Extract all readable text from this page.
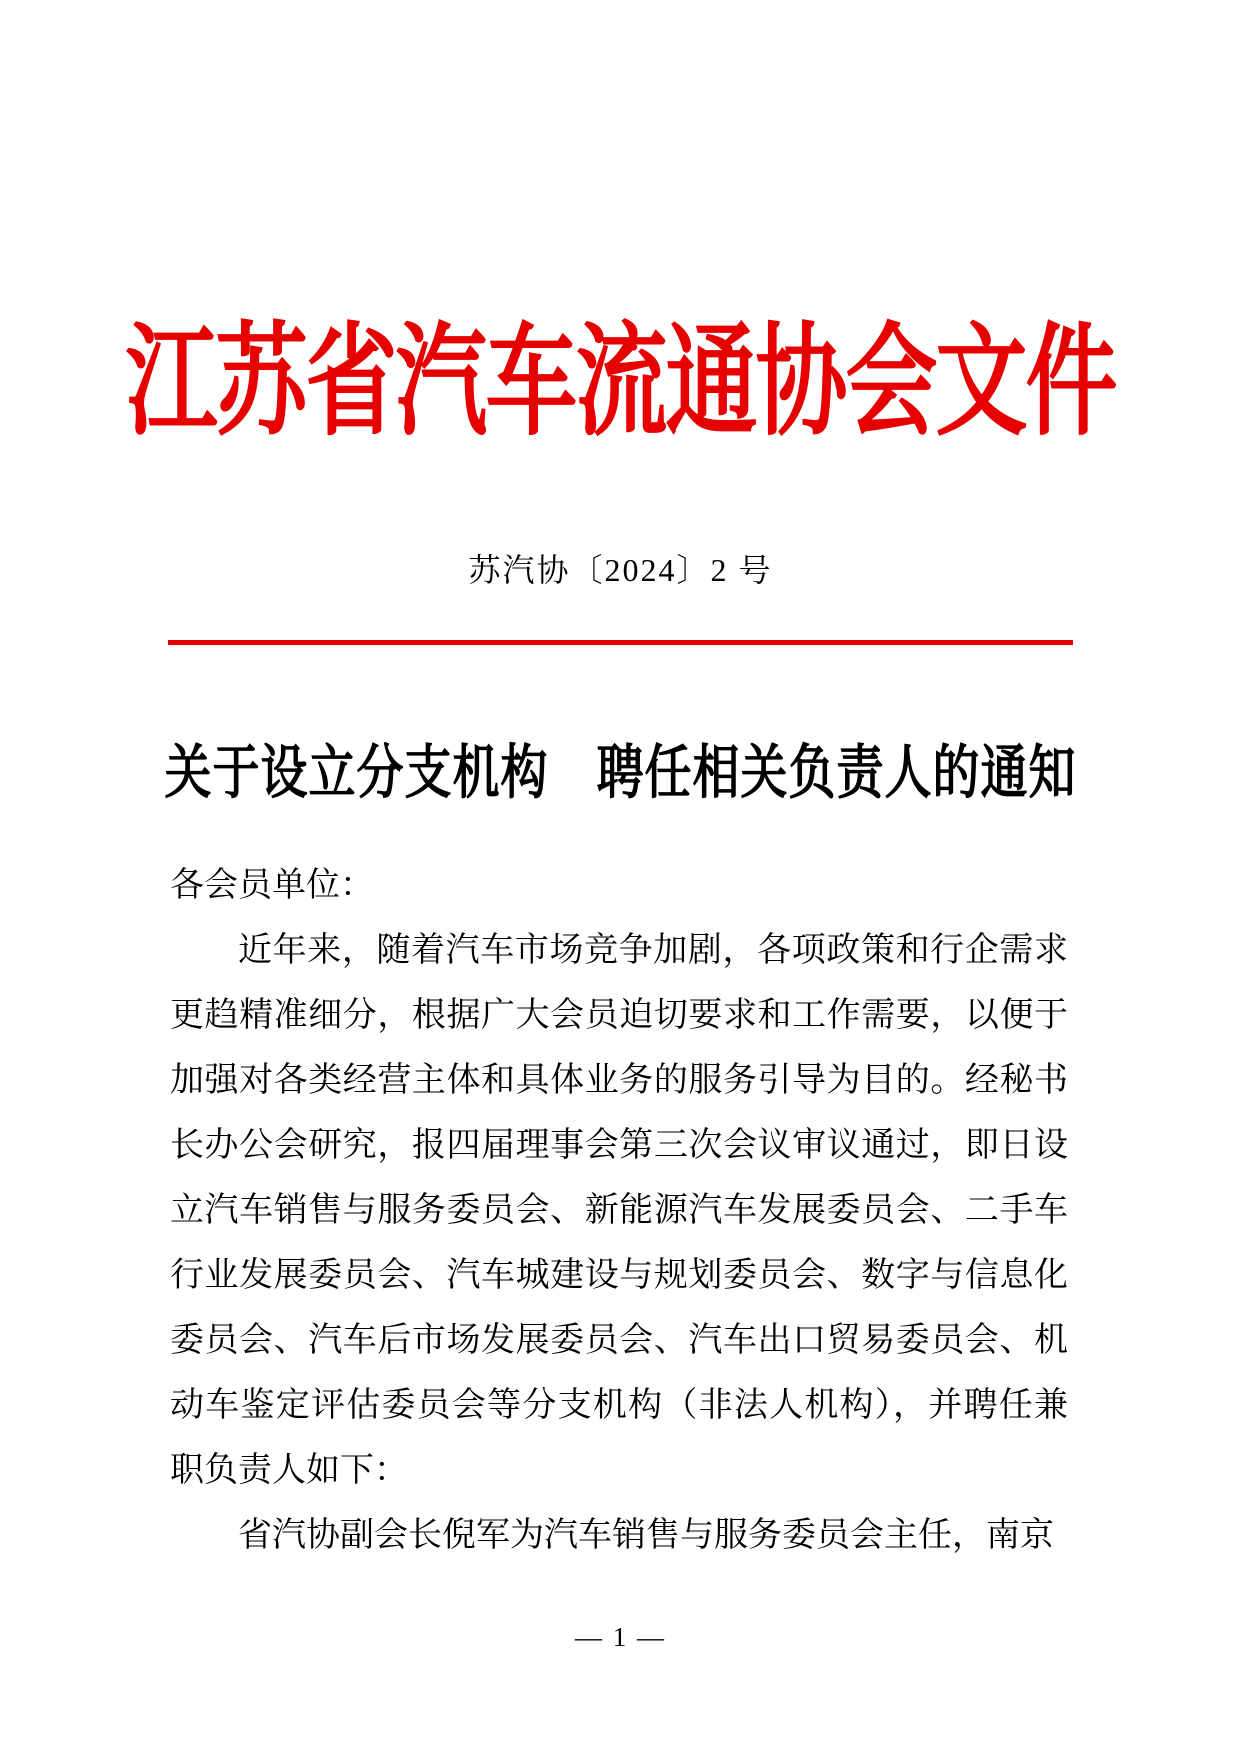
江苏省汽车流通协会文件
苏汽协〔2024〕2 号
关于设立分支机构　聘任相关负责人的通知
各会员单位：
近年来，随着汽车市场竞争加剧，各项政策和行企需求
更趋精准细分，根据广大会员迫切要求和工作需要，以便于
加强对各类经营主体和具体业务的服务引导为目的。经秘书
长办公会研究，报四届理事会第三次会议审议通过，即日设
立汽车销售与服务委员会、新能源汽车发展委员会、二手车
行业发展委员会、汽车城建设与规划委员会、数字与信息化
委员会、汽车后市场发展委员会、汽车出口贸易委员会、机
动车鉴定评估委员会等分支机构（非法人机构），并聘任兼
职负责人如下：
省汽协副会长倪军为汽车销售与服务委员会主任，南京
— 1 —
